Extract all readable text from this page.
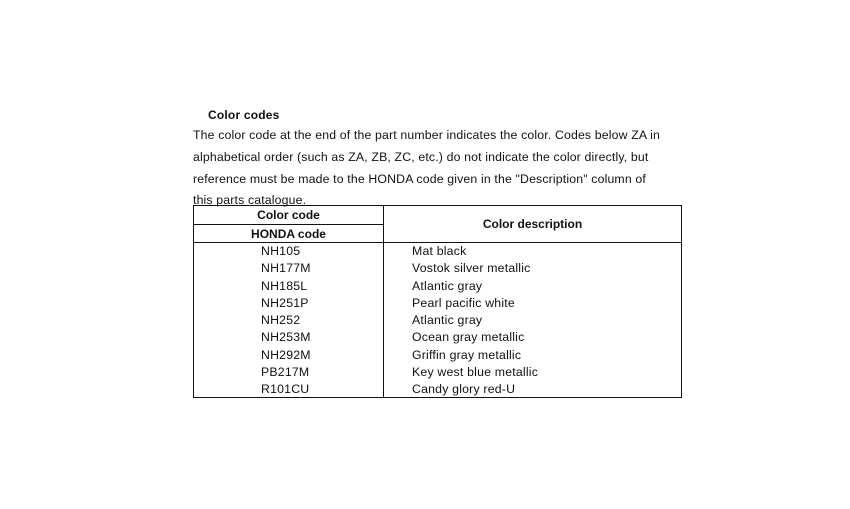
Color codes
The color code at the end of the part number indicates the color. Codes below ZA in
alphabetical order (such as ZA, ZB, ZC, etc.) do not indicate the color directly, but
reference must be made to the HONDA code given in the "Description" column of
this parts catalogue.
Color code
HONDA code
Color description
NH105	Mat black
NH177M	Vostok silver metallic
NH185L	Atlantic gray
NH251P	Pearl pacific white
NH252	Atlantic gray
NH253M	Ocean gray metallic
NH292M	Griffin gray metallic
PB217M	Key west blue metallic
R101CU	Candy glory red-U
